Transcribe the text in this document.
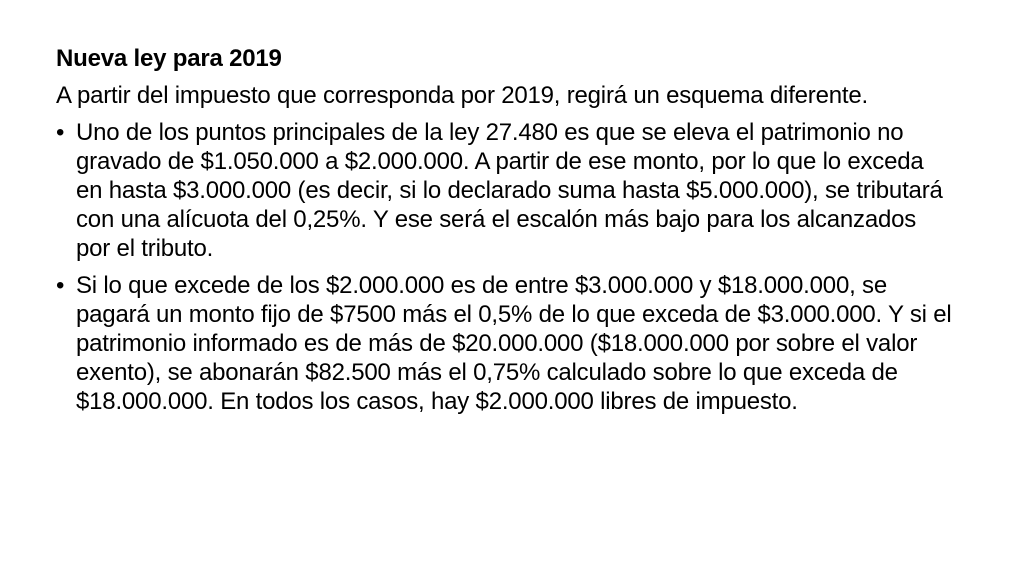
Nueva ley para 2019
A partir del impuesto que corresponda por 2019, regirá un esquema diferente.
• Uno de los puntos principales de la ley 27.480 es que se eleva el patrimonio no gravado de $1.050.000 a $2.000.000. A partir de ese monto, por lo que lo exceda en hasta $3.000.000 (es decir, si lo declarado suma hasta $5.000.000), se tributará con una alícuota del 0,25%. Y ese será el escalón más bajo para los alcanzados por el tributo.
• Si lo que excede de los $2.000.000 es de entre $3.000.000 y $18.000.000, se pagará un monto fijo de $7500 más el 0,5% de lo que exceda de $3.000.000. Y si el patrimonio informado es de más de $20.000.000 ($18.000.000 por sobre el valor exento), se abonarán $82.500 más el 0,75% calculado sobre lo que exceda de $18.000.000. En todos los casos, hay $2.000.000 libres de impuesto.
